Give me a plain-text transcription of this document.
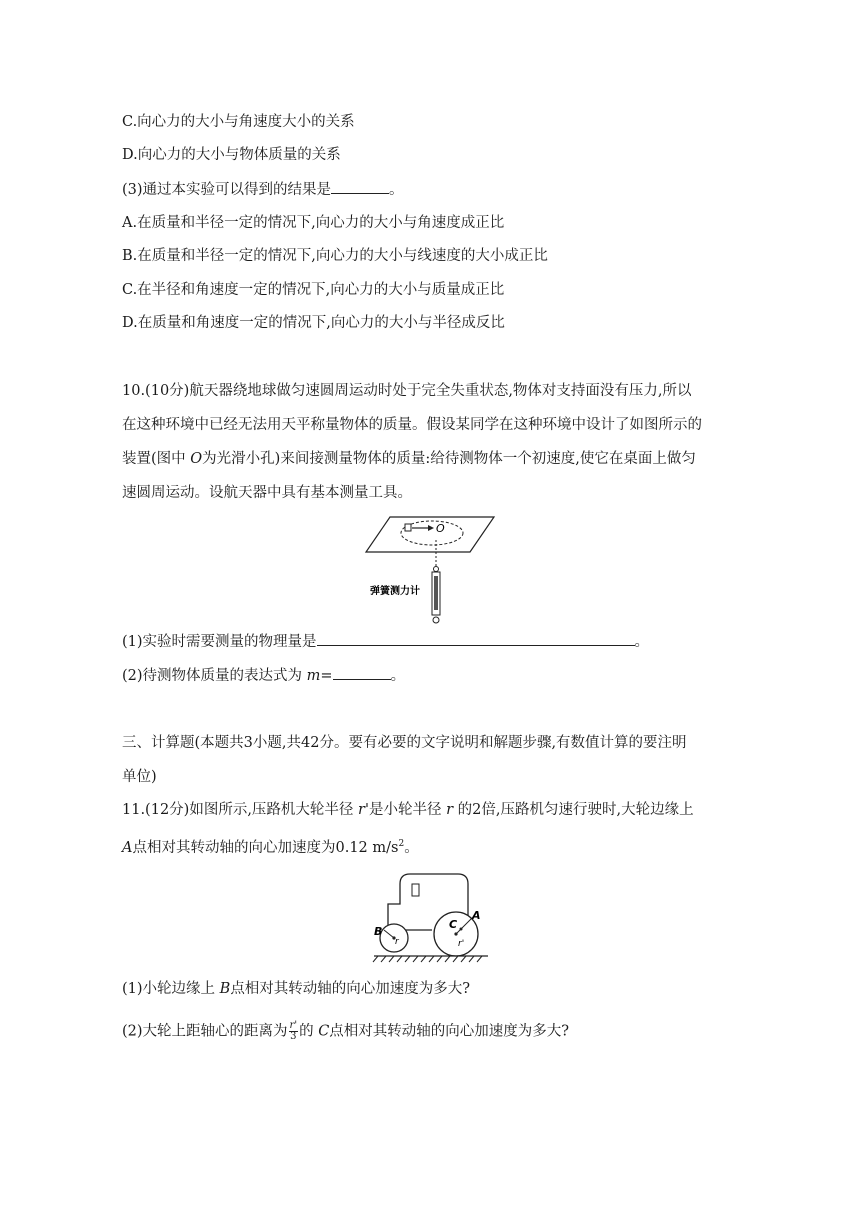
C.向心力的大小与角速度大小的关系
D.向心力的大小与物体质量的关系
(3)通过本实验可以得到的结果是	。
A.在质量和半径一定的情况下,向心力的大小与角速度成正比
B.在质量和半径一定的情况下,向心力的大小与线速度的大小成正比
C.在半径和角速度一定的情况下,向心力的大小与质量成正比
D.在质量和角速度一定的情况下,向心力的大小与半径成反比
10.(10分)航天器绕地球做匀速圆周运动时处于完全失重状态,物体对支持面没有压力,所以
在这种环境中已经无法用天平称量物体的质量。假设某同学在这种环境中设计了如图所示的
装置(图中 O为光滑小孔)来间接测量物体的质量:给待测物体一个初速度,使它在桌面上做匀
速圆周运动。设航天器中具有基本测量工具。
O
弹簧测力计
(1)实验时需要测量的物理量是	。
(2)待测物体质量的表达式为 m=	。
三、计算题(本题共3小题,共42分。要有必要的文字说明和解题步骤,有数值计算的要注明
单位)
11.(12分)如图所示,压路机大轮半径 r'是小轮半径 r 的2倍,压路机匀速行驶时,大轮边缘上
A点相对其转动轴的向心加速度为0.12 $m/s^2$。
B
r
A
C
r'
(1)小轮边缘上 B点相对其转动轴的向心加速度为多大?
(2)大轮上距轴心的距离为 $\frac{r'}{3}$ 的 C点相对其转动轴的向心加速度为多大?
